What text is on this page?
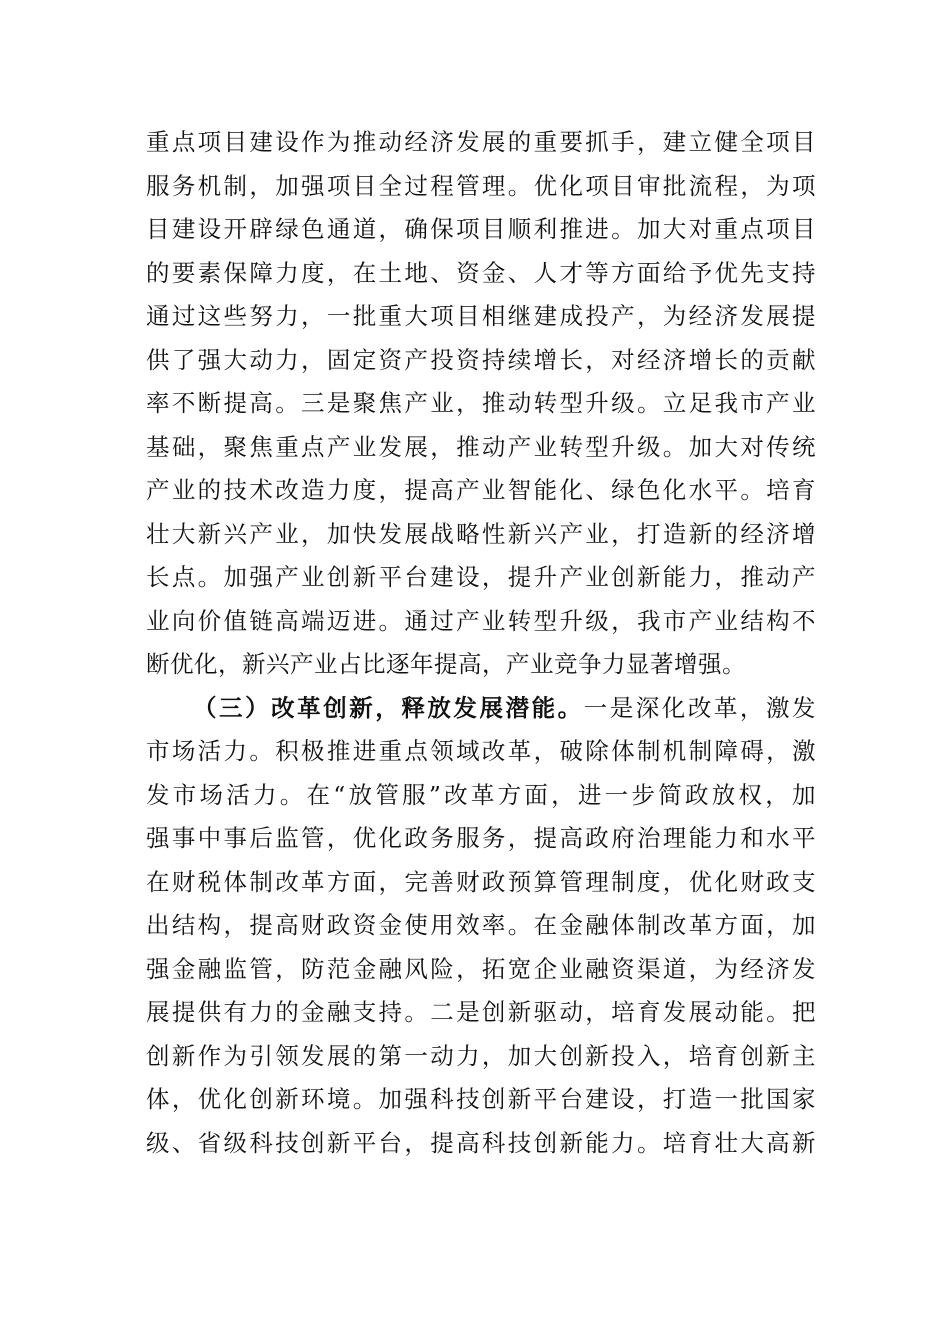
重点项目建设作为推动经济发展的重要抓手，建立健全项目
服务机制，加强项目全过程管理。优化项目审批流程，为项
目建设开辟绿色通道，确保项目顺利推进。加大对重点项目
的要素保障力度，在土地、资金、人才等方面给予优先支持
通过这些努力，一批重大项目相继建成投产，为经济发展提
供了强大动力，固定资产投资持续增长，对经济增长的贡献
率不断提高。三是聚焦产业，推动转型升级。立足我市产业
基础，聚焦重点产业发展，推动产业转型升级。加大对传统
产业的技术改造力度，提高产业智能化、绿色化水平。培育
壮大新兴产业，加快发展战略性新兴产业，打造新的经济增
长点。加强产业创新平台建设，提升产业创新能力，推动产
业向价值链高端迈进。通过产业转型升级，我市产业结构不
断优化，新兴产业占比逐年提高，产业竞争力显著增强。
（三）改革创新，释放发展潜能。一是深化改革，激发
市场活力。积极推进重点领域改革，破除体制机制障碍，激
发市场活力。在“放管服”改革方面，进一步简政放权，加
强事中事后监管，优化政务服务，提高政府治理能力和水平
在财税体制改革方面，完善财政预算管理制度，优化财政支
出结构，提高财政资金使用效率。在金融体制改革方面，加
强金融监管，防范金融风险，拓宽企业融资渠道，为经济发
展提供有力的金融支持。二是创新驱动，培育发展动能。把
创新作为引领发展的第一动力，加大创新投入，培育创新主
体，优化创新环境。加强科技创新平台建设，打造一批国家
级、省级科技创新平台，提高科技创新能力。培育壮大高新
